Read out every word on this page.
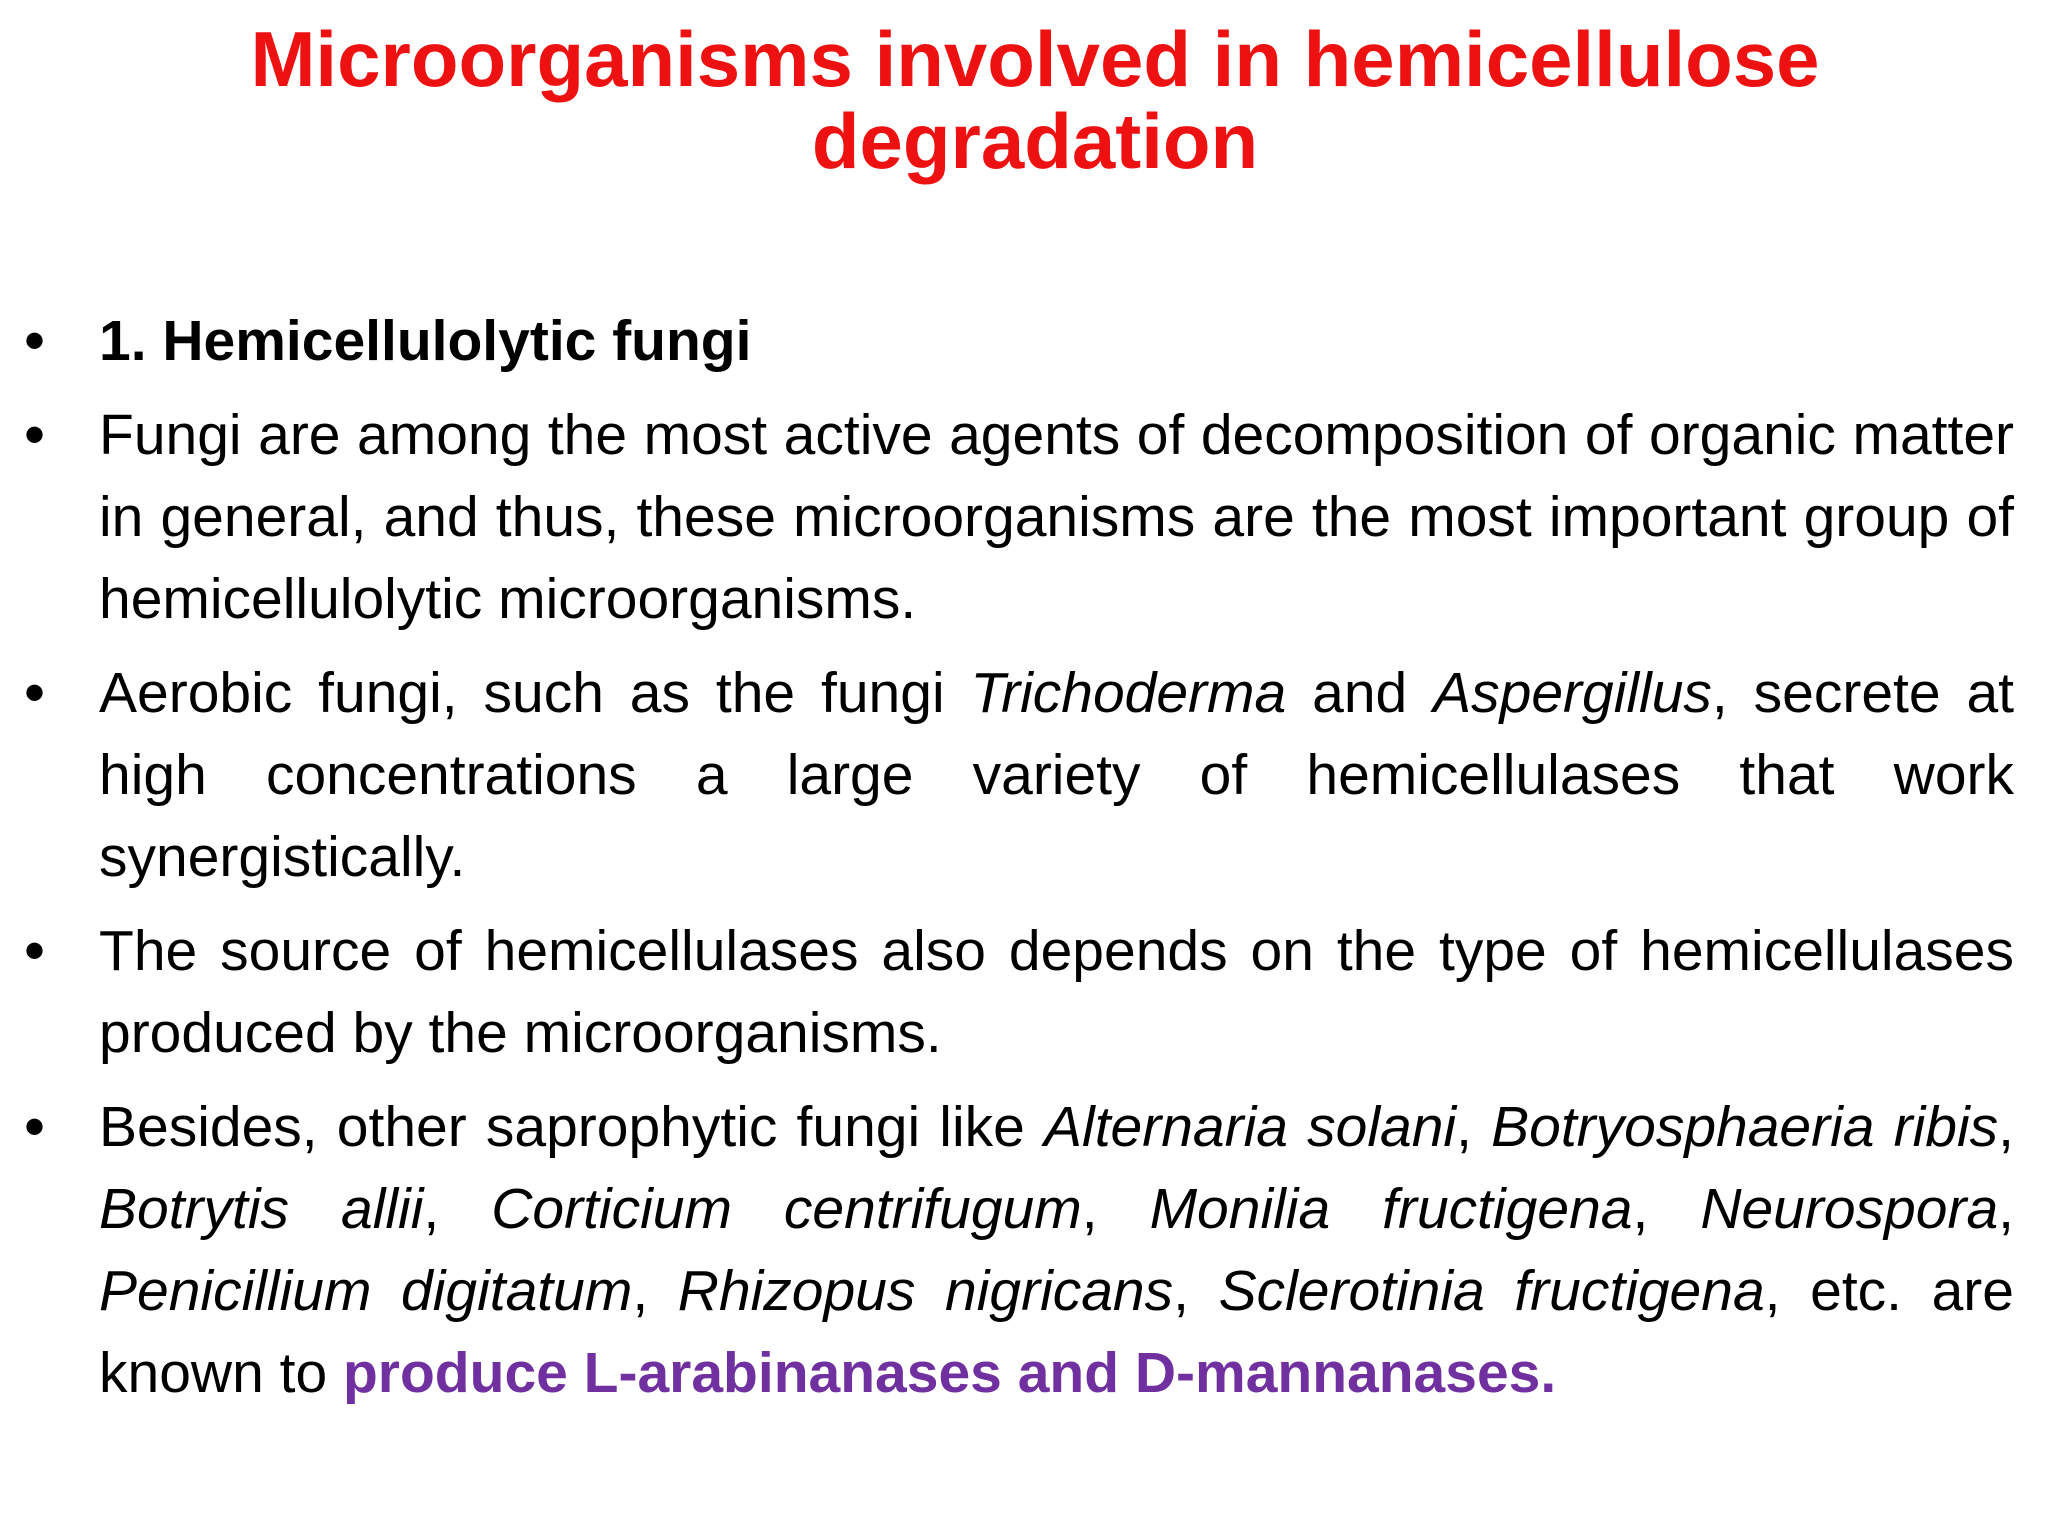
Microorganisms involved in hemicellulose degradation
• 1. Hemicellulolytic fungi
• Fungi are among the most active agents of decomposition of organic matter in general, and thus, these microorganisms are the most important group of hemicellulolytic microorganisms.
• Aerobic fungi, such as the fungi Trichoderma and Aspergillus, secrete at high concentrations a large variety of hemicellulases that work synergistically.
• The source of hemicellulases also depends on the type of hemicellulases produced by the microorganisms.
• Besides, other saprophytic fungi like Alternaria solani, Botryosphaeria ribis, Botrytis allii, Corticium centrifugum, Monilia fructigena, Neurospora, Penicillium digitatum, Rhizopus nigricans, Sclerotinia fructigena, etc. are known to produce L-arabinanases and D-mannanases.
